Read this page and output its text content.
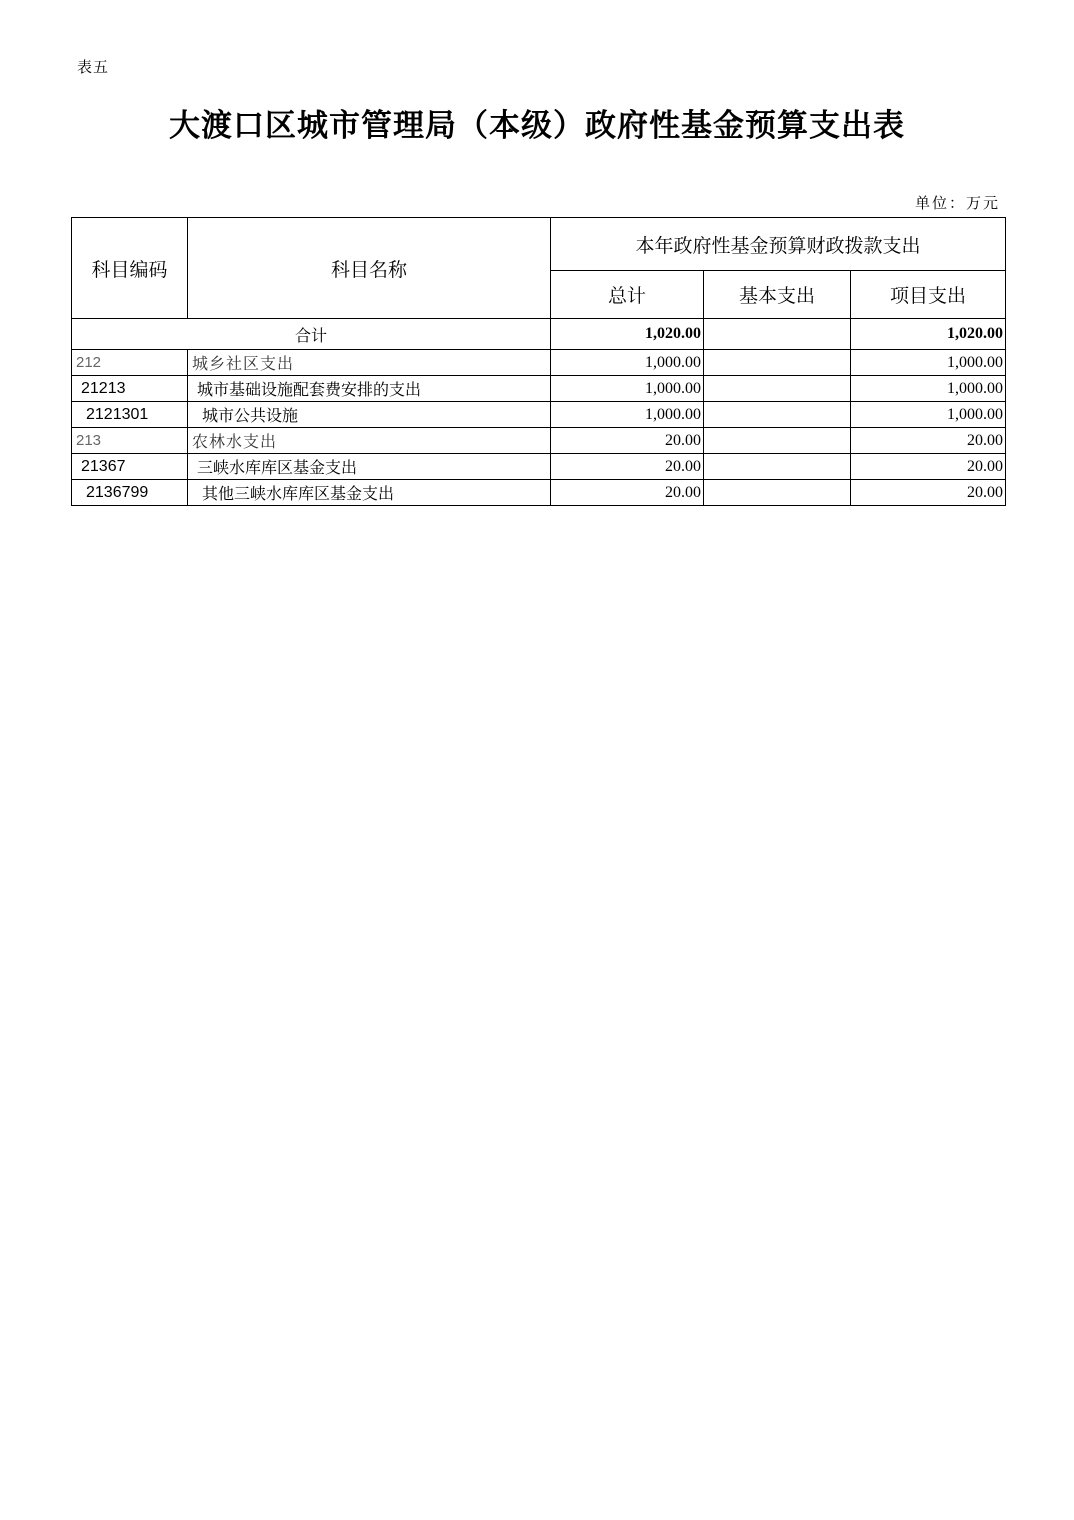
表五
大渡口区城市管理局（本级）政府性基金预算支出表
单位：万元
科目编码	科目名称	本年政府性基金预算财政拨款支出		
		总计	基本支出	项目支出
合计		1,020.00		1,020.00
212	城乡社区支出	1,000.00		1,000.00
21213	城市基础设施配套费安排的支出	1,000.00		1,000.00
2121301	城市公共设施	1,000.00		1,000.00
213	农林水支出	20.00		20.00
21367	三峡水库库区基金支出	20.00		20.00
2136799	其他三峡水库库区基金支出	20.00		20.00
